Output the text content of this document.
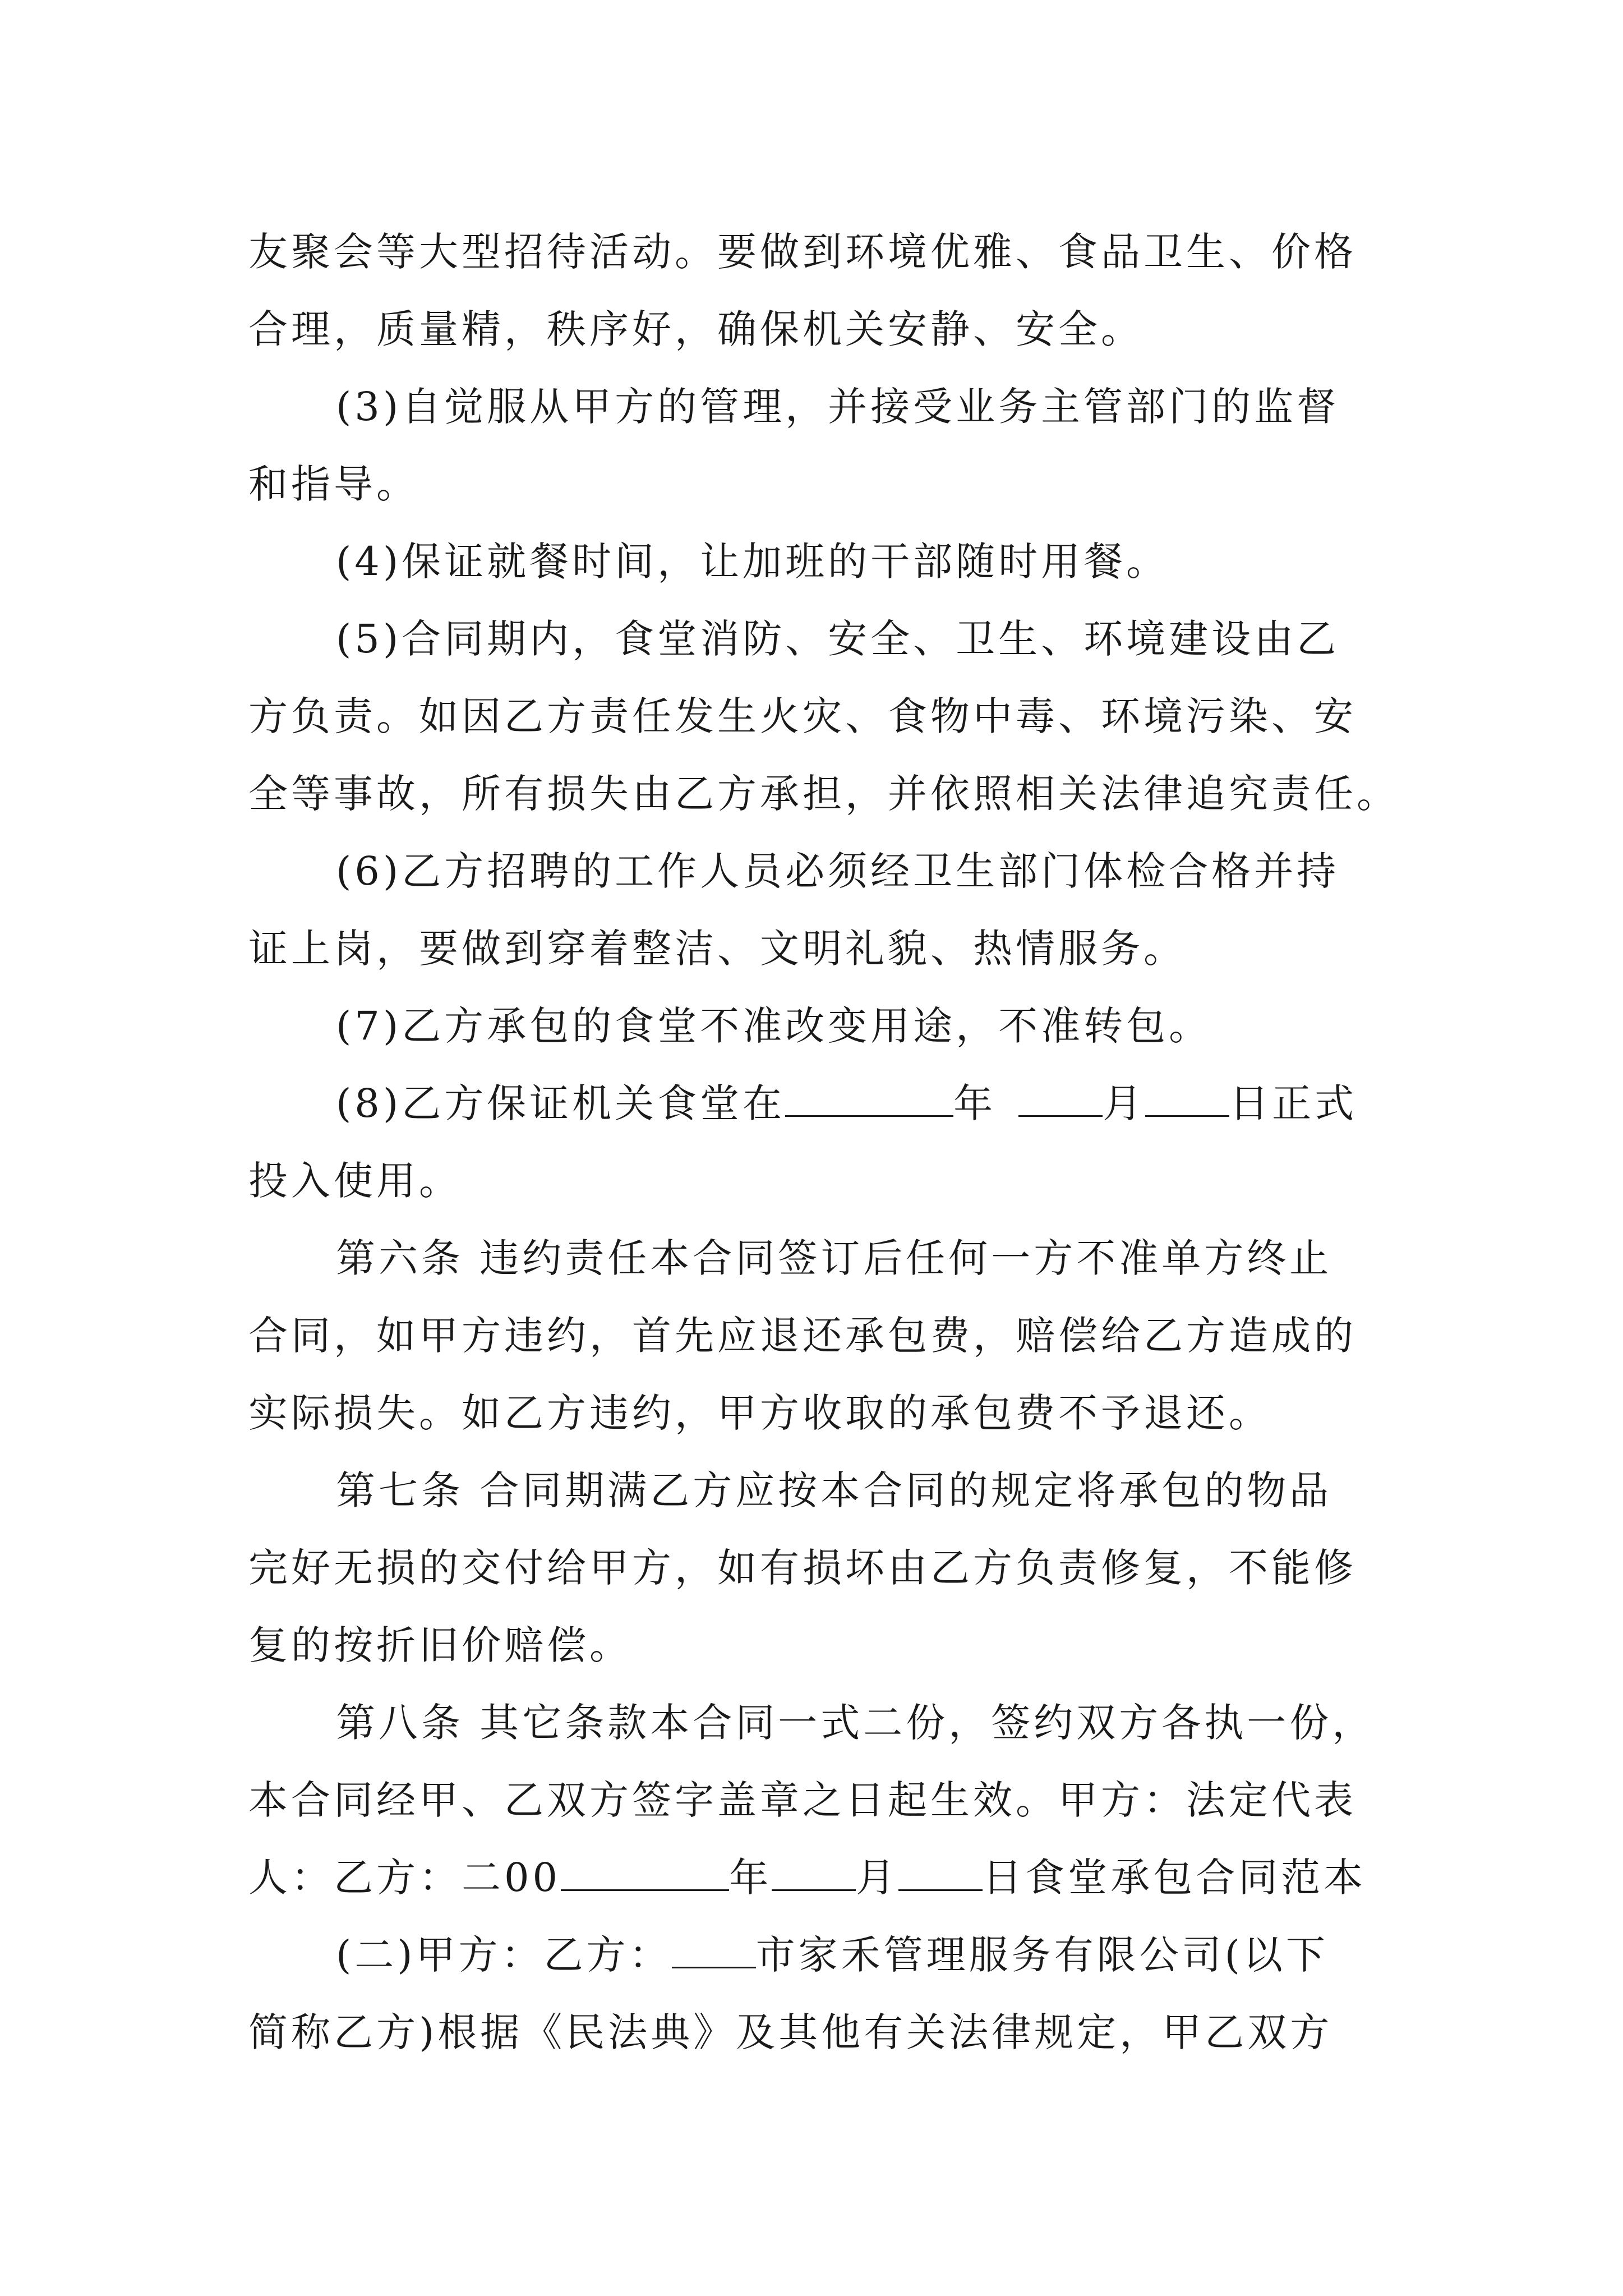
友聚会等大型招待活动。要做到环境优雅、食品卫生、价格
合理，质量精，秩序好，确保机关安静、安全。
(3)自觉服从甲方的管理，并接受业务主管部门的监督
和指导。
(4)保证就餐时间，让加班的干部随时用餐。
(5)合同期内，食堂消防、安全、卫生、环境建设由乙
方负责。如因乙方责任发生火灾、食物中毒、环境污染、安
全等事故，所有损失由乙方承担，并依照相关法律追究责任。
(6)乙方招聘的工作人员必须经卫生部门体检合格并持
证上岗，要做到穿着整洁、文明礼貌、热情服务。
(7)乙方承包的食堂不准改变用途，不准转包。
(8)乙方保证机关食堂在	年	月 日正式
投入使用。
第六条 违约责任本合同签订后任何一方不准单方终止
合同，如甲方违约，首先应退还承包费，赔偿给乙方造成的
实际损失。如乙方违约，甲方收取的承包费不予退还。
第七条 合同期满乙方应按本合同的规定将承包的物品
完好无损的交付给甲方，如有损坏由乙方负责修复，不能修
复的按折旧价赔偿。
第八条 其它条款本合同一式二份，签约双方各执一份，
本合同经甲、乙双方签字盖章之日起生效。甲方：法定代表
人：乙方：二00	年 月 日食堂承包合同范本
(二)甲方：乙方： 市家禾管理服务有限公司(以下
简称乙方)根据《民法典》及其他有关法律规定，甲乙双方
